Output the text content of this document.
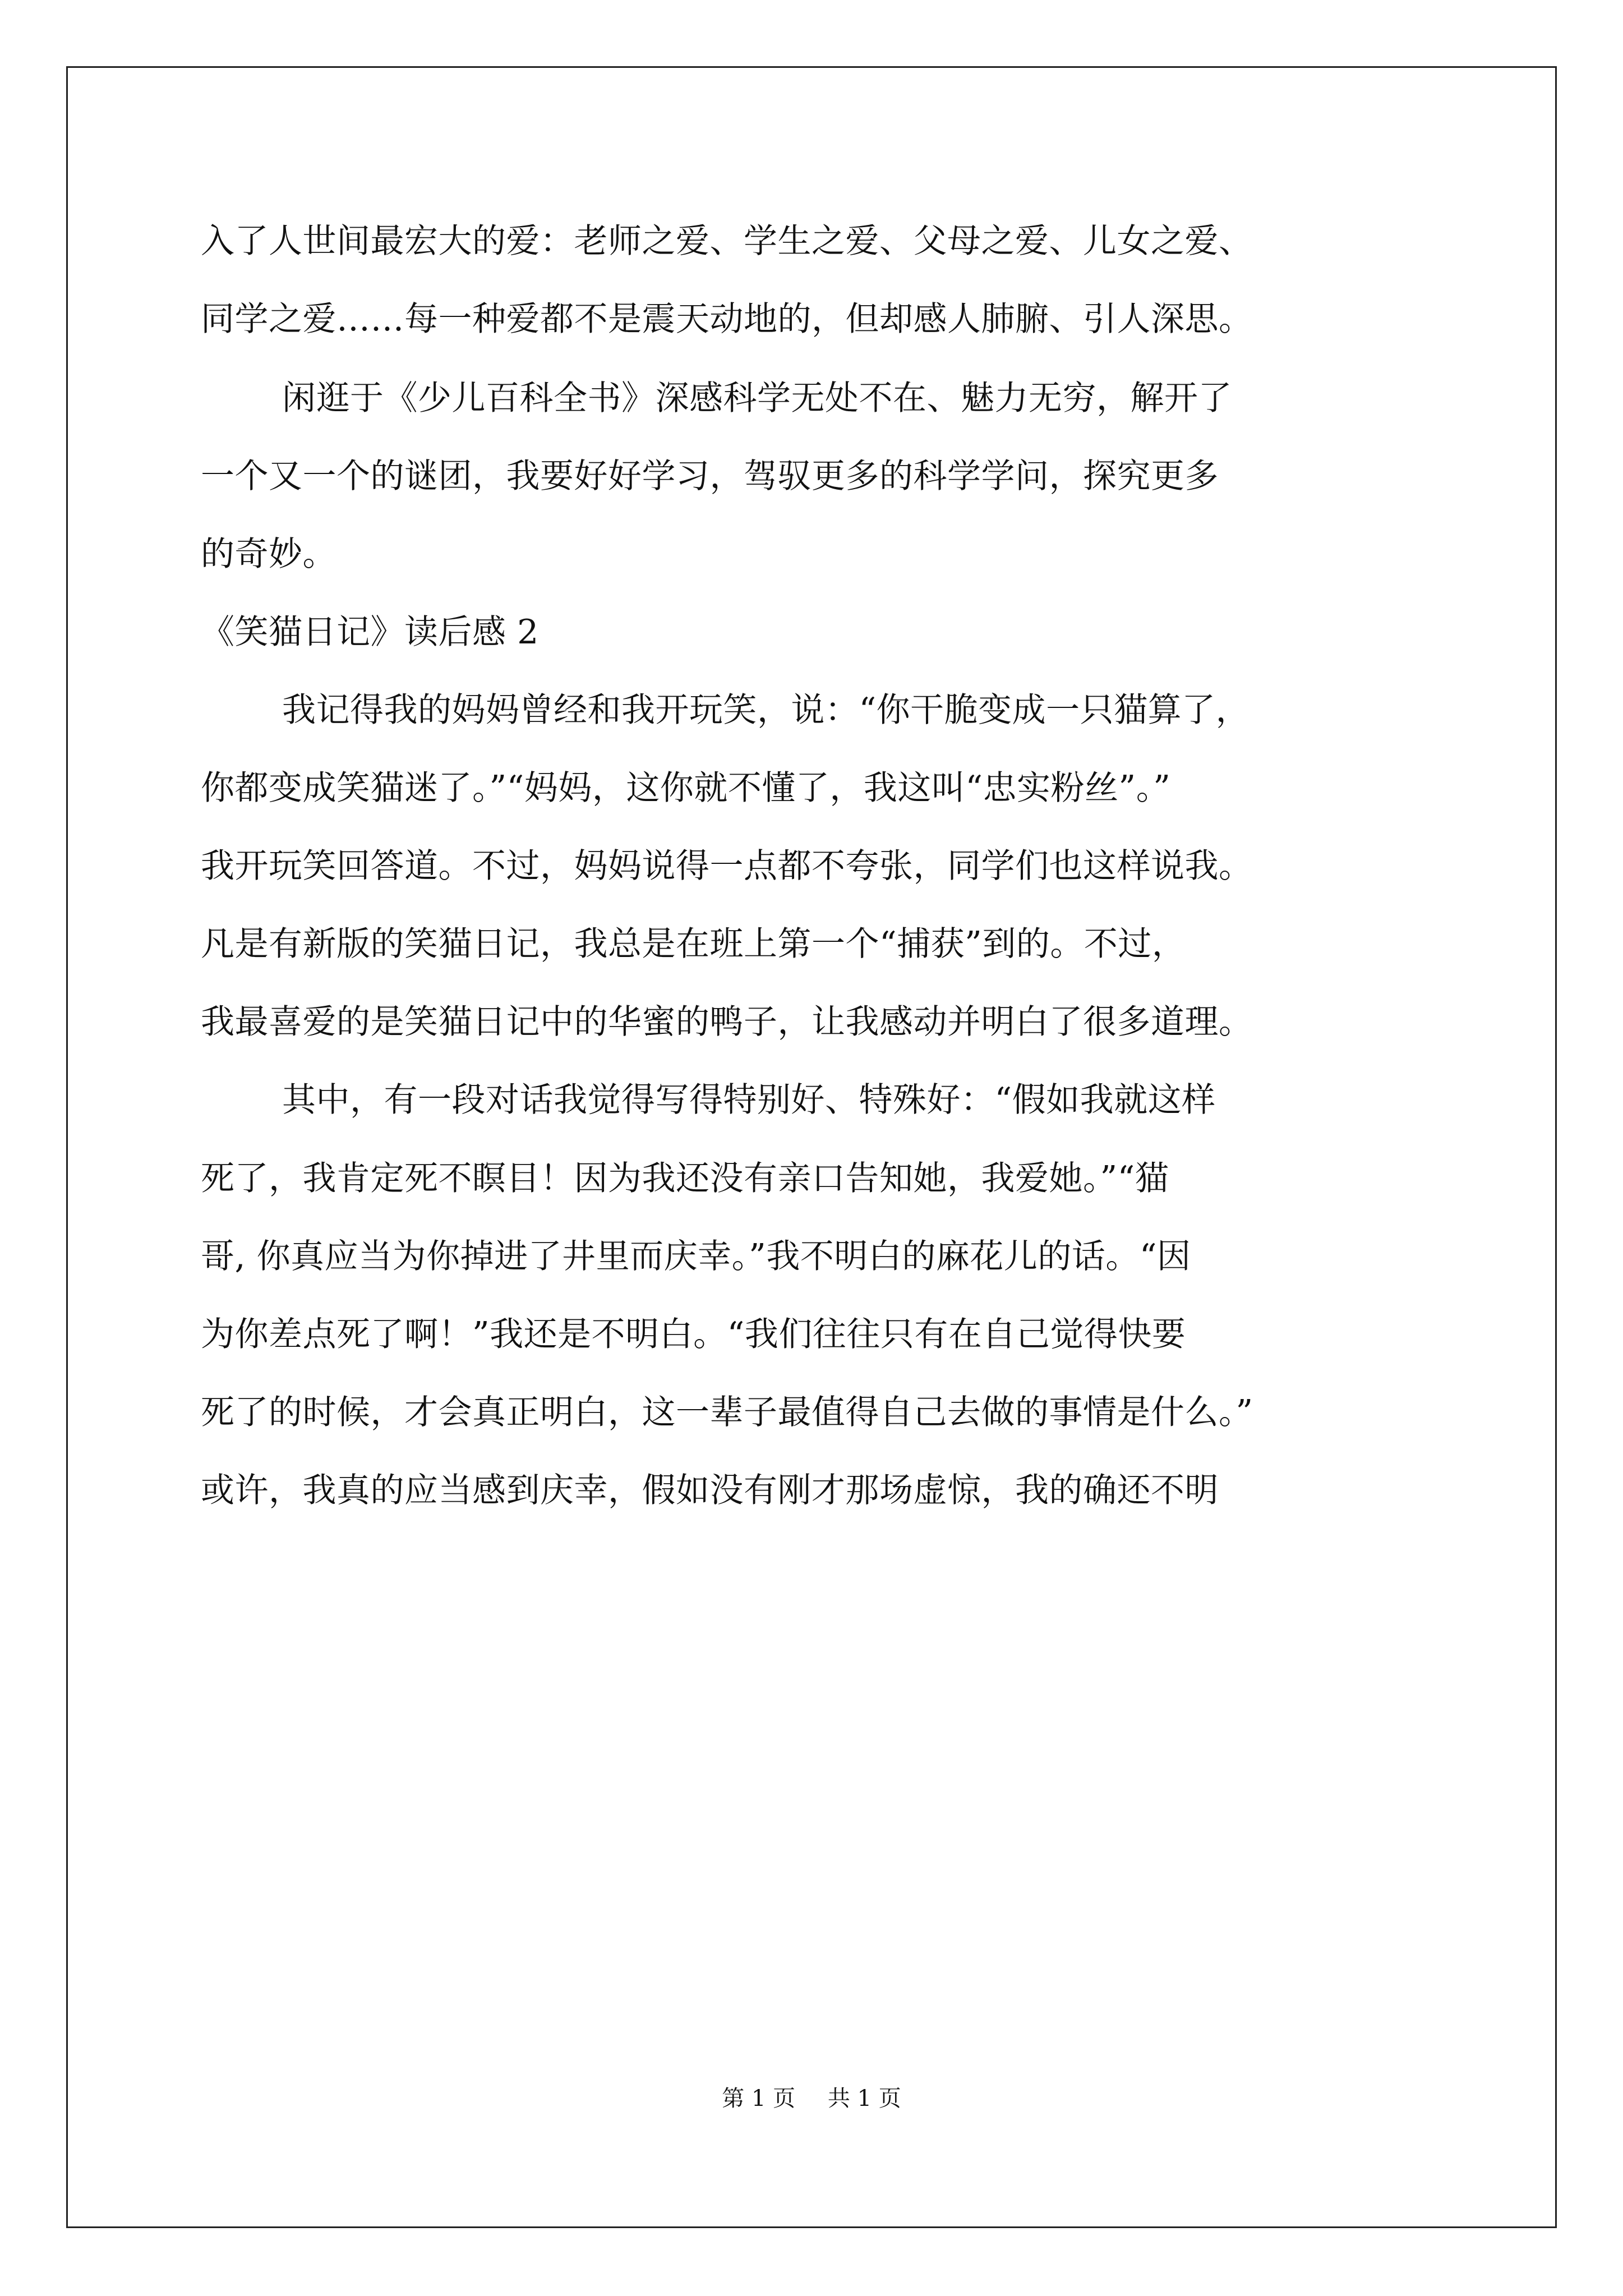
入了人世间最宏大的爱：老师之爱、学生之爱、父母之爱、儿女之爱、
同学之爱……每一种爱都不是震天动地的，但却感人肺腑、引人深思。
闲逛于《少儿百科全书》深感科学无处不在、魅力无穷，解开了
一个又一个的谜团，我要好好学习，驾驭更多的科学学问，探究更多
的奇妙。
《笑猫日记》读后感 2
我记得我的妈妈曾经和我开玩笑，说：“你干脆变成一只猫算了，
你都变成笑猫迷了。”“妈妈，这你就不懂了，我这叫“忠实粉丝”。”
我开玩笑回答道。不过，妈妈说得一点都不夸张，同学们也这样说我。
凡是有新版的笑猫日记，我总是在班上第一个“捕获”到的。不过，
我最喜爱的是笑猫日记中的华蜜的鸭子，让我感动并明白了很多道理。
其中，有一段对话我觉得写得特别好、特殊好：“假如我就这样
死了，我肯定死不瞑目！因为我还没有亲口告知她，我爱她。”“猫
哥, 你真应当为你掉进了井里而庆幸。”我不明白的麻花儿的话。“因
为你差点死了啊！”我还是不明白。“我们往往只有在自己觉得快要
死了的时候，才会真正明白，这一辈子最值得自己去做的事情是什么。”
或许，我真的应当感到庆幸，假如没有刚才那场虚惊，我的确还不明
第 1 页 共 1 页
